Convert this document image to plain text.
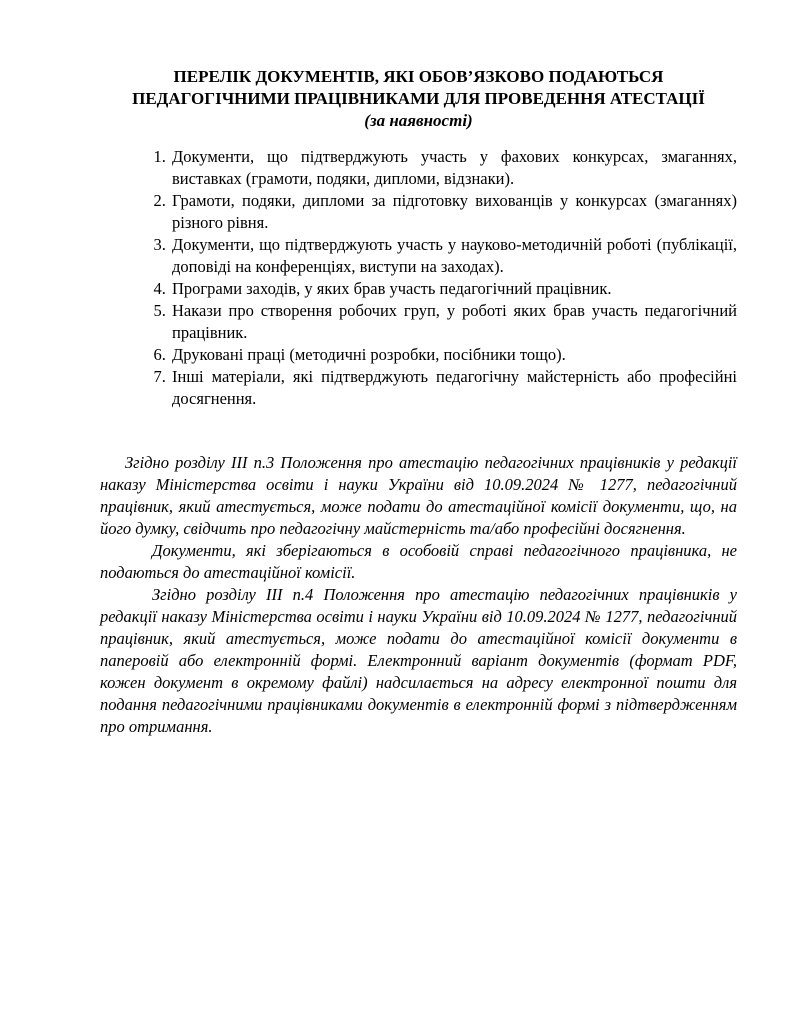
ПЕРЕЛІК ДОКУМЕНТІВ, ЯКІ ОБОВ’ЯЗКОВО ПОДАЮТЬСЯ
ПЕДАГОГІЧНИМИ ПРАЦІВНИКАМИ ДЛЯ ПРОВЕДЕННЯ АТЕСТАЦІЇ
(за наявності)
1. Документи, що підтверджують участь у фахових конкурсах, змаганнях, виставках (грамоти, подяки, дипломи, відзнаки).
2. Грамоти, подяки, дипломи за підготовку вихованців у конкурсах (змаганнях) різного рівня.
3. Документи, що підтверджують участь у науково-методичній роботі (публікації, доповіді на конференціях, виступи на заходах).
4. Програми заходів, у яких брав участь педагогічний працівник.
5. Накази про створення робочих груп, у роботі яких брав участь педагогічний працівник.
6. Друковані праці (методичні розробки, посібники тощо).
7. Інші матеріали, які підтверджують педагогічну майстерність або професійні досягнення.

Згідно розділу III п.3 Положення про атестацію педагогічних працівників у редакції наказу Міністерства освіти і науки України від 10.09.2024 № 1277, педагогічний працівник, який атестується, може подати до атестаційної комісії документи, що, на його думку, свідчить про педагогічну майстерність та/або професійні досягнення.

Документи, які зберігаються в особовій справі педагогічного працівника, не подаються до атестаційної комісії.

Згідно розділу III п.4 Положення про атестацію педагогічних працівників у редакції наказу Міністерства освіти і науки України від 10.09.2024 № 1277, педагогічний працівник, який атестується, може подати до атестаційної комісії документи в паперовій або електронній формі. Електронний варіант документів (формат PDF, кожен документ в окремому файлі) надсилається на адресу електронної пошти для подання педагогічними працівниками документів в електронній формі з підтвердженням про отримання.
